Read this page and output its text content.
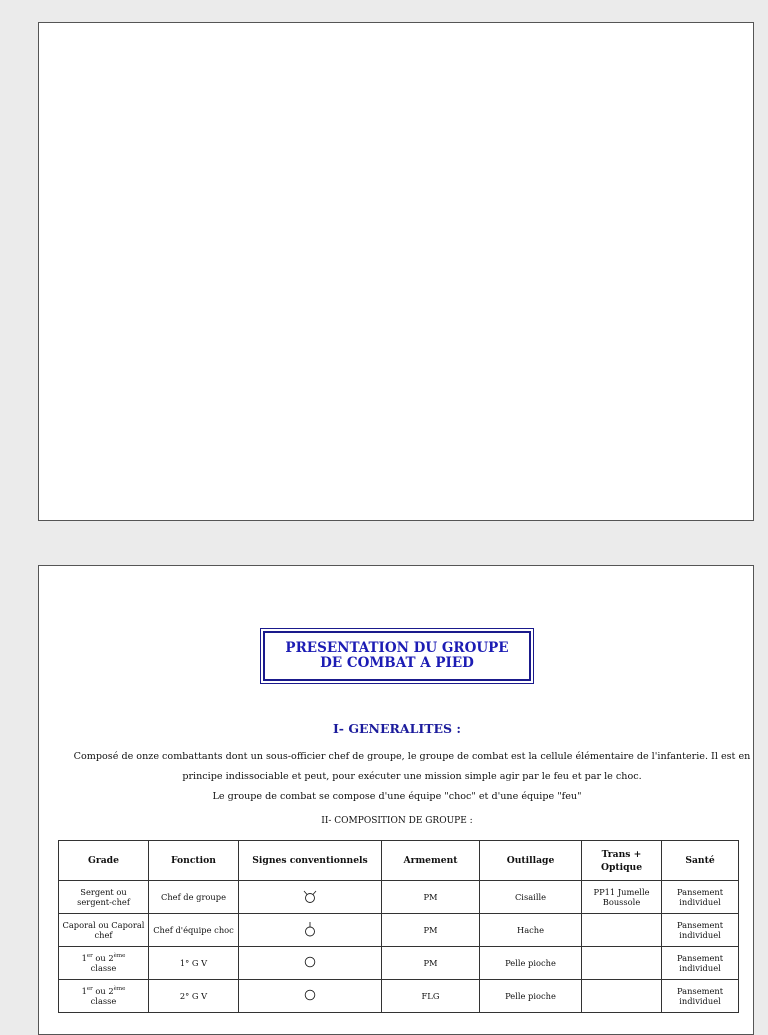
PRESENTATION DU GROUPE
DE COMBAT A PIED
I- GENERALITES :
Composé de onze combattants dont un sous-officier chef de groupe, le groupe de combat est la cellule élémentaire de l'infanterie. Il est en principe indissociable et peut, pour exécuter une mission simple agir par le feu et par le choc.
Le groupe de combat se compose d'une équipe "choc" et d'une équipe "feu"
II- COMPOSITION DE GROUPE :
Grade	Fonction	Signes conventionnels	Armement	Outillage	Trans + Optique	Santé
Sergent ou sergent-chef	Chef de groupe		PM	Cisaille	PP11 Jumelle Boussole	Pansement individuel
Caporal ou Caporal chef	Chef d'équipe choc		PM	Hache		Pansement individuel
1er ou 2ème
classe	1° G V		PM	Pelle pioche		Pansement individuel
1er ou 2ème
classe	2° G V		FLG	Pelle pioche		Pansement individuel
